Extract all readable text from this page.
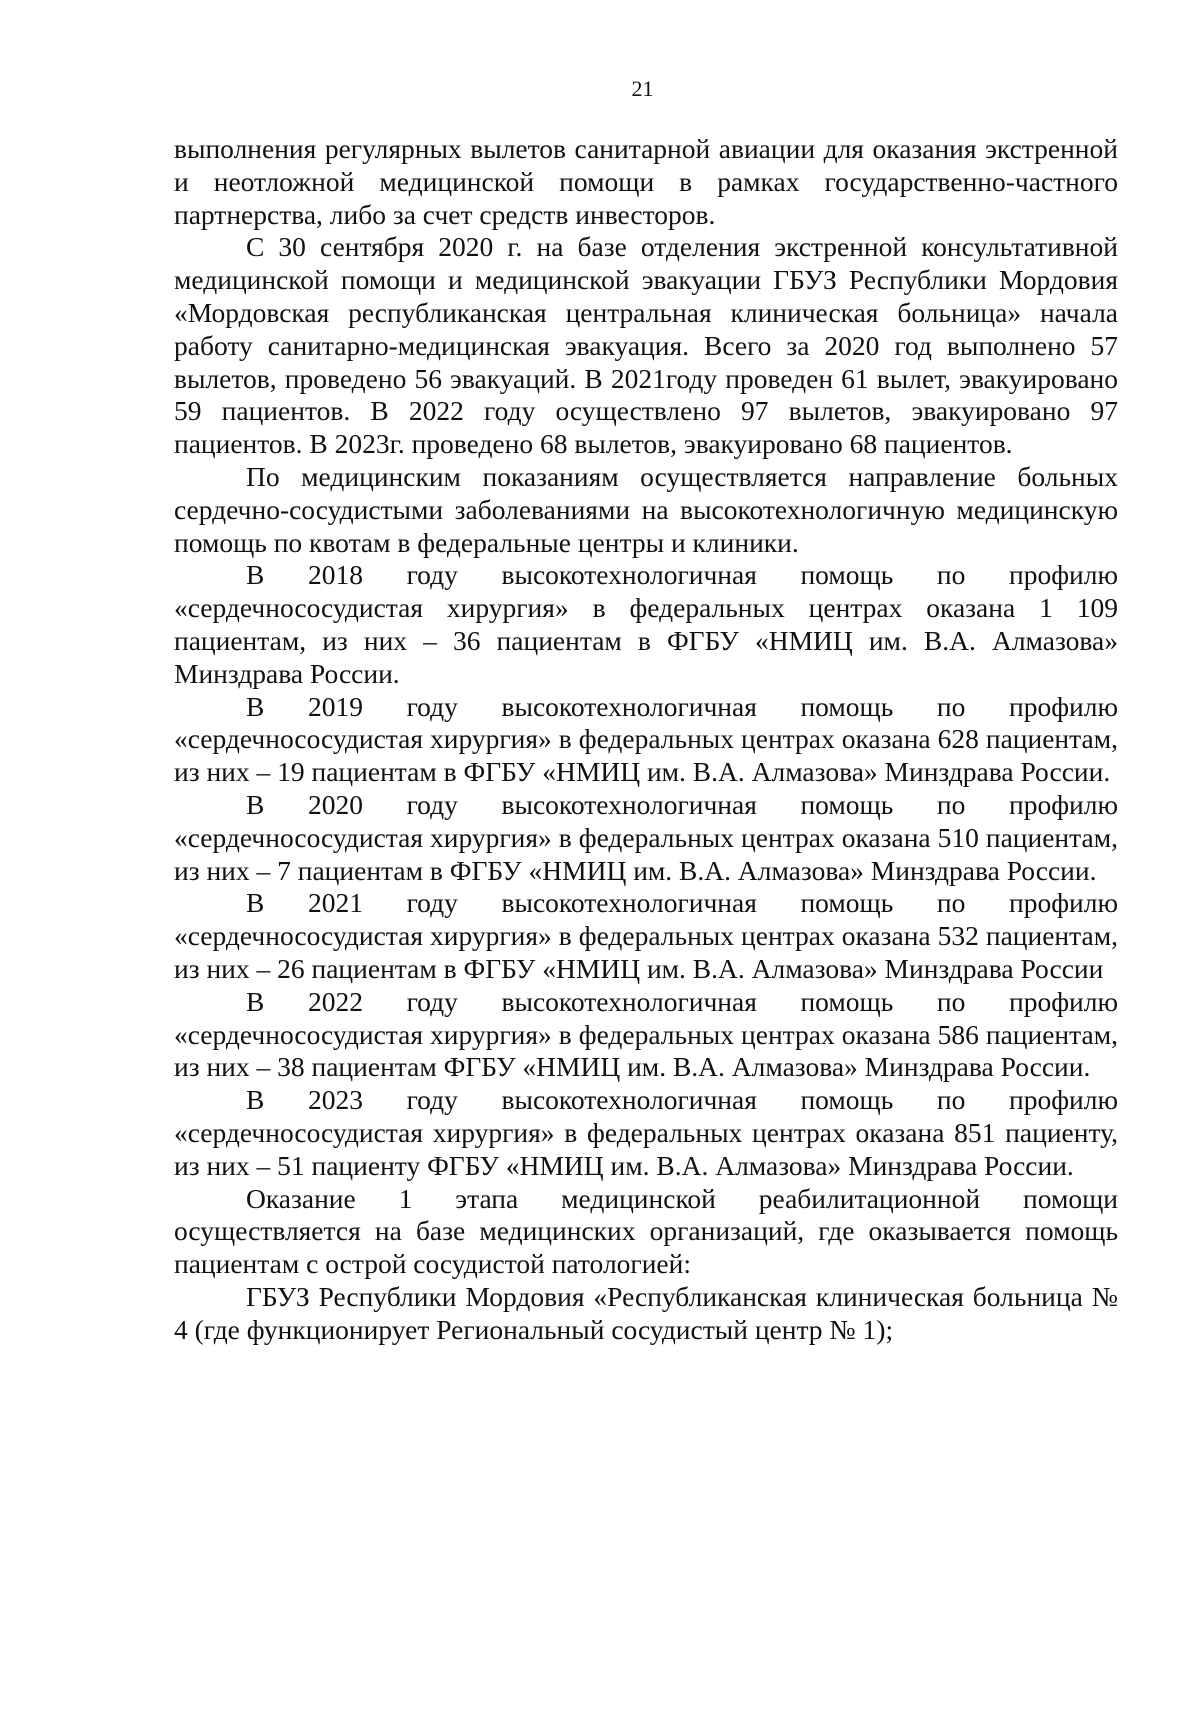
21

выполнения регулярных вылетов санитарной авиации для оказания экстренной и неотложной медицинской помощи в рамках государственно-частного партнерства, либо за счет средств инвесторов.

С 30 сентября 2020 г. на базе отделения экстренной консультативной медицинской помощи и медицинской эвакуации ГБУЗ Республики Мордовия «Мордовская республиканская центральная клиническая больница» начала работу санитарно-медицинская эвакуация. Всего за 2020 год выполнено 57 вылетов, проведено 56 эвакуаций. В 2021году проведен 61 вылет, эвакуировано 59 пациентов. В 2022 году осуществлено 97 вылетов, эвакуировано 97 пациентов. В 2023г. проведено 68 вылетов, эвакуировано 68 пациентов.

По медицинским показаниям осуществляется направление больных сердечно-сосудистыми заболеваниями на высокотехнологичную медицинскую помощь по квотам в федеральные центры и клиники.

В 2018 году высокотехнологичная помощь по профилю «сердечнососудистая хирургия» в федеральных центрах оказана 1 109 пациентам, из них – 36 пациентам в ФГБУ «НМИЦ им. В.А. Алмазова» Минздрава России.

В 2019 году высокотехнологичная помощь по профилю «сердечнососудистая хирургия» в федеральных центрах оказана 628 пациентам, из них – 19 пациентам в ФГБУ «НМИЦ им. В.А. Алмазова» Минздрава России.

В 2020 году высокотехнологичная помощь по профилю «сердечнососудистая хирургия» в федеральных центрах оказана 510 пациентам, из них – 7 пациентам в ФГБУ «НМИЦ им. В.А. Алмазова» Минздрава России.

В 2021 году высокотехнологичная помощь по профилю «сердечнососудистая хирургия» в федеральных центрах оказана 532 пациентам, из них – 26 пациентам в ФГБУ «НМИЦ им. В.А. Алмазова» Минздрава России

В 2022 году высокотехнологичная помощь по профилю «сердечнососудистая хирургия» в федеральных центрах оказана 586 пациентам, из них – 38 пациентам ФГБУ «НМИЦ им. В.А. Алмазова» Минздрава России.

В 2023 году высокотехнологичная помощь по профилю «сердечнососудистая хирургия» в федеральных центрах оказана 851 пациенту, из них – 51 пациенту ФГБУ «НМИЦ им. В.А. Алмазова» Минздрава России.

Оказание 1 этапа медицинской реабилитационной помощи осуществляется на базе медицинских организаций, где оказывается помощь пациентам с острой сосудистой патологией:

ГБУЗ Республики Мордовия «Республиканская клиническая больница № 4 (где функционирует Региональный сосудистый центр № 1);
